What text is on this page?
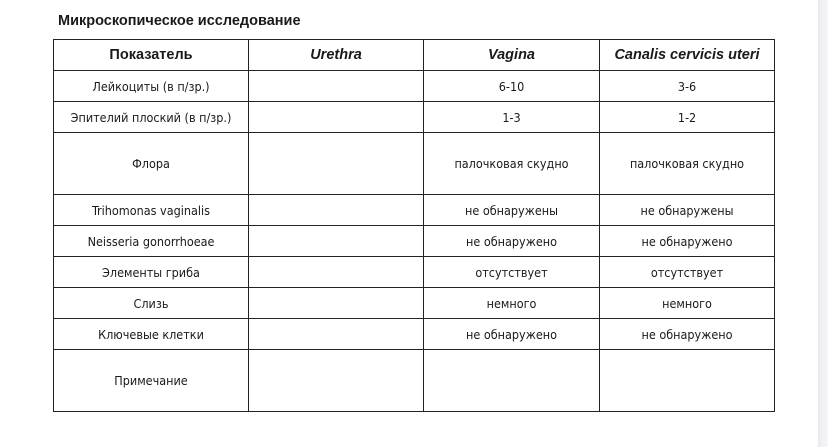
Микроскопическое исследование
Показатель	Urethra	Vagina	Canalis cervicis uteri
Лейкоциты (в п/зр.)		6-10	3-6
Эпителий плоский (в п/зр.)		1-3	1-2
Флора		палочковая скудно	палочковая скудно
Trihomonas vaginalis		не обнаружены	не обнаружены
Neisseria gonorrhoeae		не обнаружено	не обнаружено
Элементы гриба		отсутствует	отсутствует
Слизь		немного	немного
Ключевые клетки		не обнаружено	не обнаружено
Примечание			
